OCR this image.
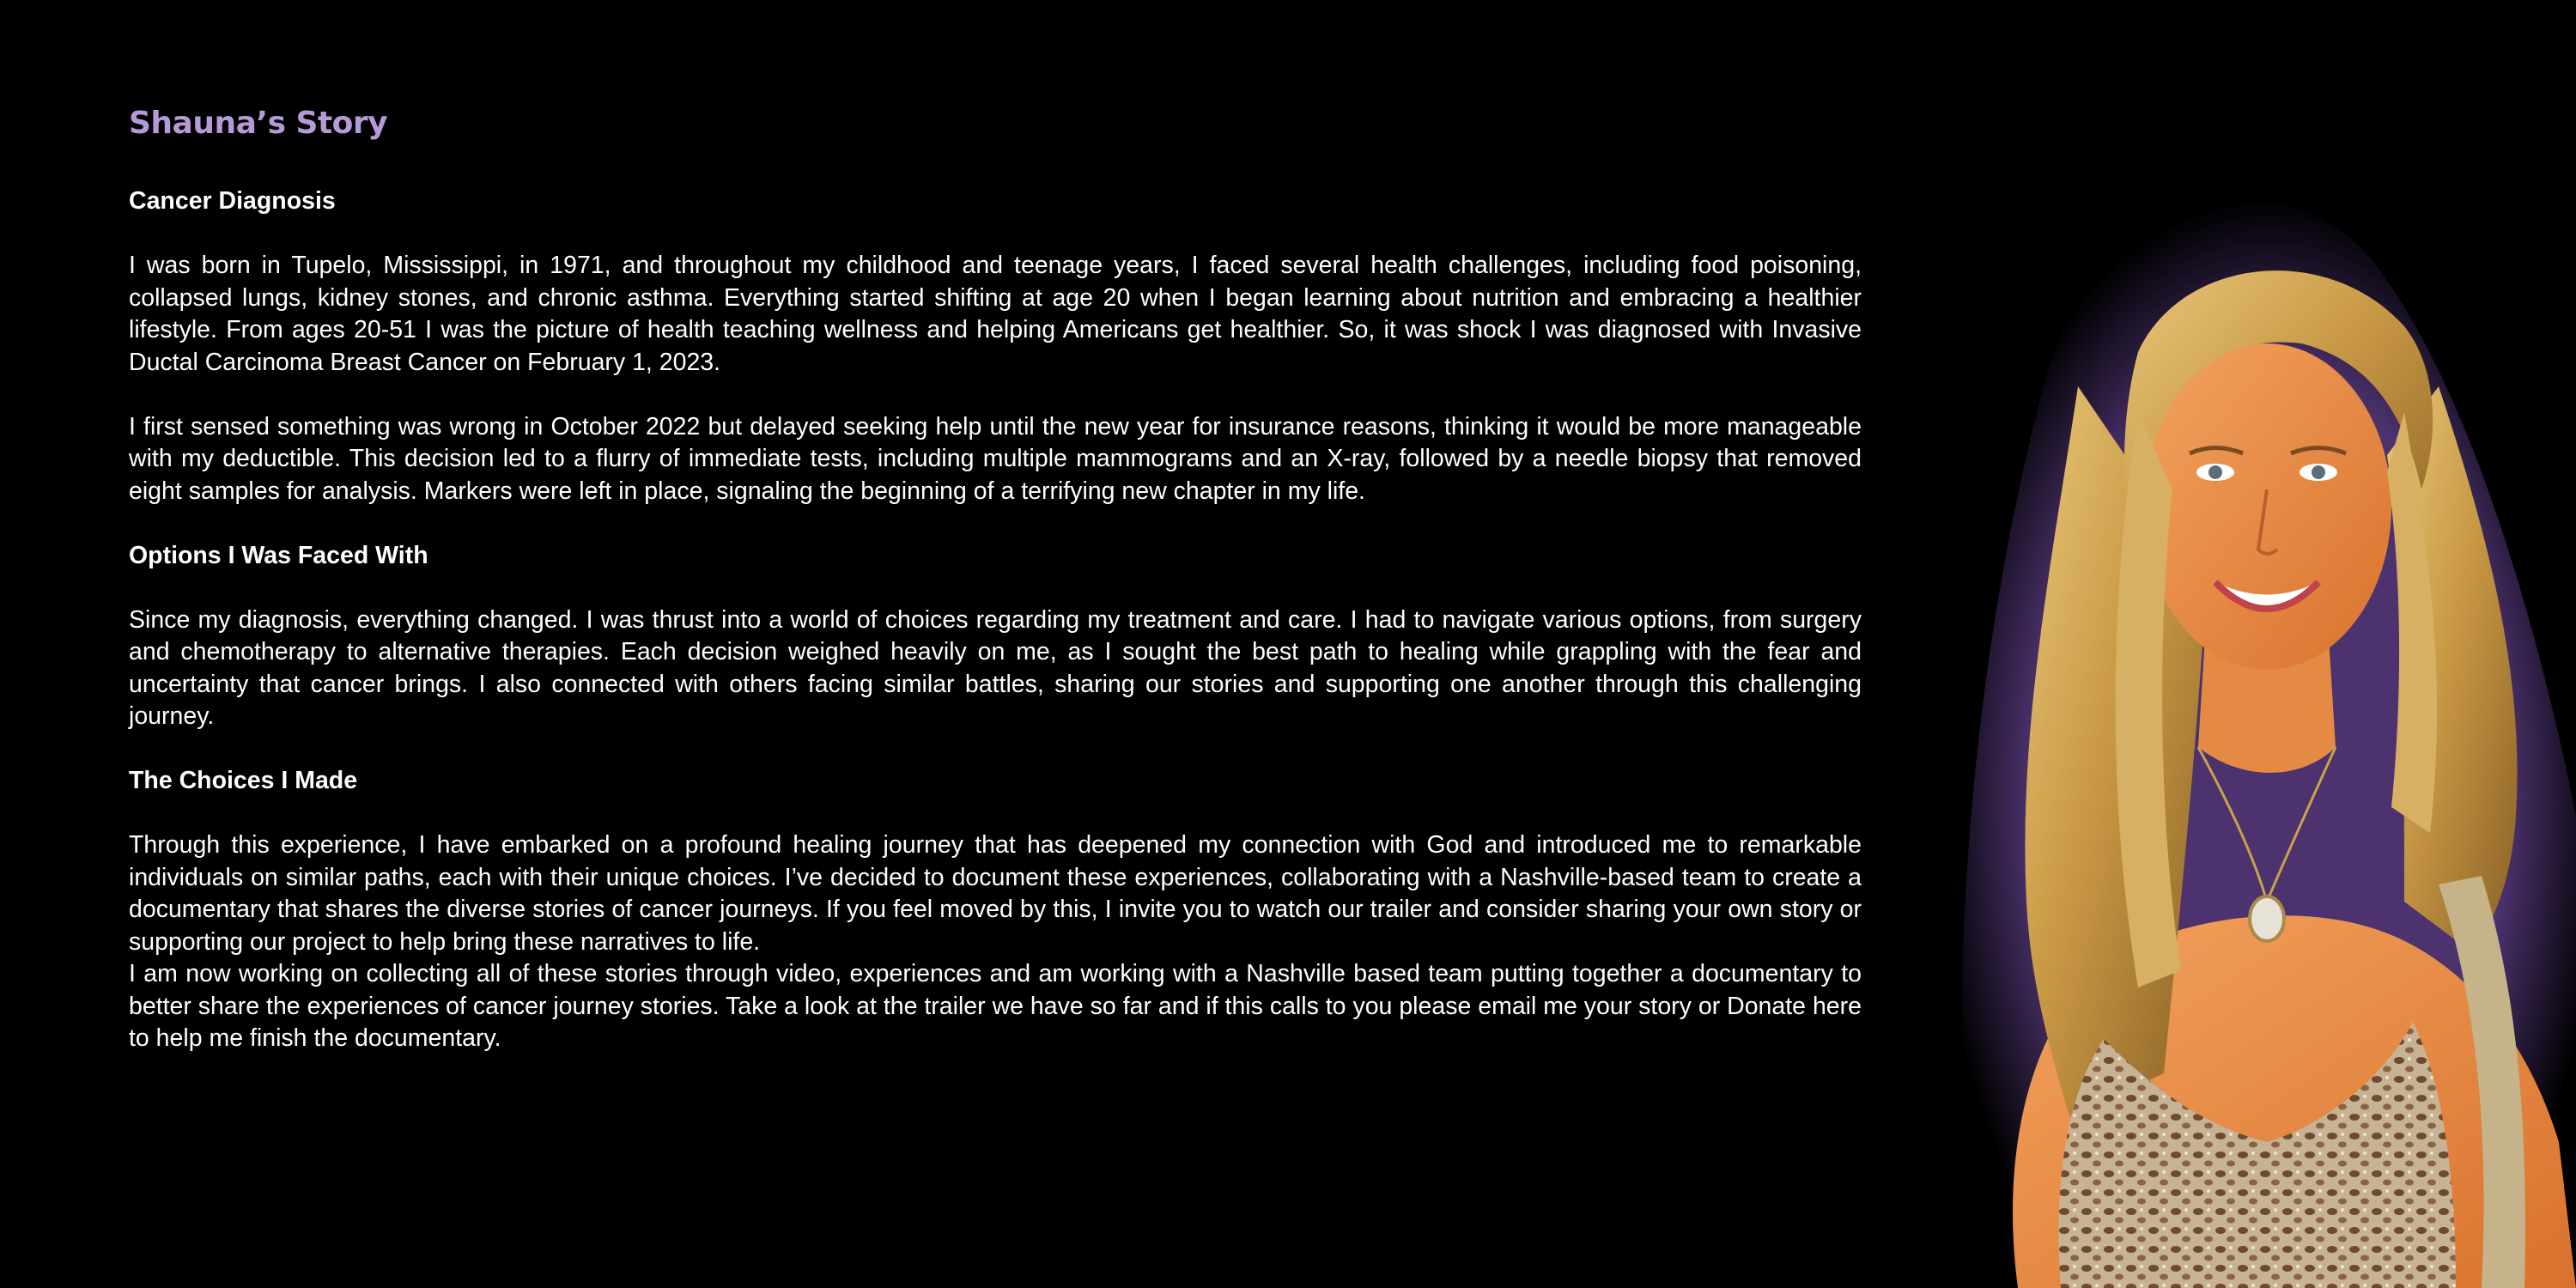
Shauna’s Story
Cancer Diagnosis

I was born in Tupelo, Mississippi, in 1971, and throughout my childhood and teenage years, I faced several health challenges, including food poisoning, collapsed lungs, kidney stones, and chronic asthma. Everything started shifting at age 20 when I began learning about nutrition and embracing a healthier lifestyle. From ages 20-51 I was the picture of health teaching wellness and helping Americans get healthier. So, it was shock I was diagnosed with Invasive Ductal Carcinoma Breast Cancer on February 1, 2023.

I first sensed something was wrong in October 2022 but delayed seeking help until the new year for insurance reasons, thinking it would be more manageable with my deductible. This decision led to a flurry of immediate tests, including multiple mammograms and an X-ray, followed by a needle biopsy that removed eight samples for analysis. Markers were left in place, signaling the beginning of a terrifying new chapter in my life.

Options I Was Faced With

Since my diagnosis, everything changed. I was thrust into a world of choices regarding my treatment and care. I had to navigate various options, from surgery and chemotherapy to alternative therapies. Each decision weighed heavily on me, as I sought the best path to healing while grappling with the fear and uncertainty that cancer brings. I also connected with others facing similar battles, sharing our stories and supporting one another through this challenging journey.

The Choices I Made

Through this experience, I have embarked on a profound healing journey that has deepened my connection with God and introduced me to remarkable individuals on similar paths, each with their unique choices. I’ve decided to document these experiences, collaborating with a Nashville-based team to create a documentary that shares the diverse stories of cancer journeys. If you feel moved by this, I invite you to watch our trailer and consider sharing your own story or supporting our project to help bring these narratives to life.

I am now working on collecting all of these stories through video, experiences and am working with a Nashville based team putting together a documentary to better share the experiences of cancer journey stories. Take a look at the trailer we have so far and if this calls to you please email me your story or Donate here to help me finish the documentary.
